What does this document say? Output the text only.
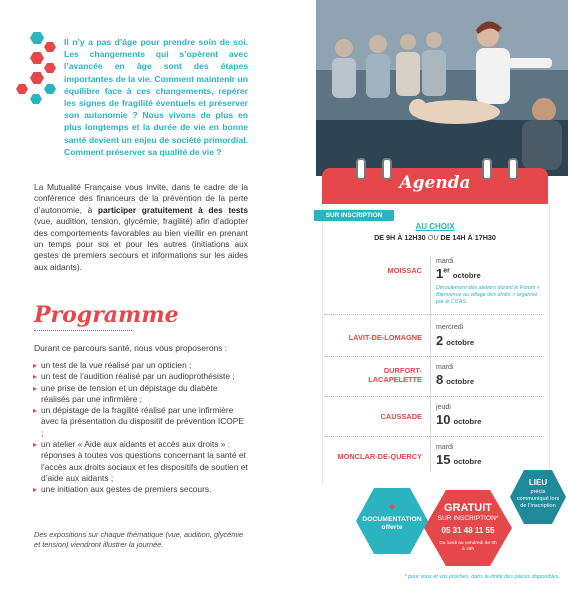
Il n’y a pas d’âge pour prendre soin de soi. Les changements qui s’opèrent avec l’avancée en âge sont des étapes importantes de la vie. Comment maintenir un équilibre face à ces changements, repérer les signes de fragilité éventuels et préserver son autonomie ? Nous vivons de plus en plus longtemps et la durée de vie en bonne santé devient un enjeu de société primordial. Comment préserver sa qualité de vie ?
La Mutualité Française vous invite, dans le cadre de la conférence des financeurs de la prévention de la perte d’autonomie, à participer gratuitement à des tests (vue, audition, tension, glycémie, fragilité) afin d’adopter des comportements favorables au bien vieillir en prenant un temps pour soi et pour les autres (initiations aux gestes de premiers secours et informations sur les aides aux aidants).
Programme
Durant ce parcours santé, nous vous proposerons :
▸ un test de la vue réalisé par un opticien ;
▸ un test de l’audition réalisé par un audioprothésiste ;
▸ une prise de tension et un dépistage du diabète réalisés par une infirmière ;
▸ un dépistage de la fragilité réalisé par une infirmière avec la présentation du dispositif de prévention ICOPE ;
▸ un atelier « Aide aux aidants et accès aux droits » : réponses à toutes vos questions concernant la santé et l’accès aux droits sociaux et les dispositifs de soutien et d’aide aux aidants ;
▸ une initiation aux gestes de premiers secours.
Des expositions sur chaque thématique (vue, audition, glycémie et tension) viendront illustrer la journée.
Agenda
SUR INSCRIPTION
AU CHOIX
DE 9H À 12H30 OU DE 14H À 17H30
MOISSAC
mardi
1er octobre
Déroulement des ateliers durant le Forum « Bienvenue au village des aînés » organisé par le CCAS.
LAVIT-DE-LOMAGNE
mercredi
2 octobre
DURFORT-
LACAPELETTE
mardi
8 octobre
CAUSSADE
jeudi
10 octobre
MONCLAR-DE-QUERCY
mardi
15 octobre
LIEU
précis communiqué lors de l’inscription
+
DOCUMENTATION offerte
GRATUIT
SUR INSCRIPTION*
05 31 48 11 55
Du lundi au vendredi de 9h à 19h
* pour vous et vos proches, dans la limite des places disponibles.
